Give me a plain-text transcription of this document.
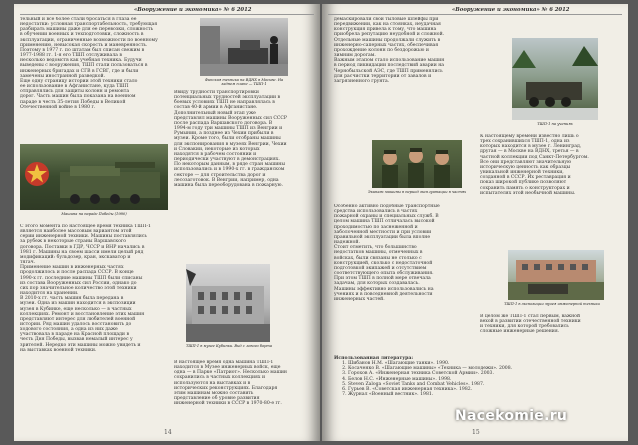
«Вооружение и экономика» № 6 2012
тельный и все более стали бросаться в глаза ее
недостатки: условная транспортабельность, требующая
разбирать машины даже для ее перевозки, сложность
в обучении военных и техподготовки, сложность в
эксплуатации, ограниченные возможности по военному
применению, невысокая скорость и маневренность.
Поэтому в 1977 г. по штатам был списан свежим в
1977-1988 гг. 1-я его ТШП отслуживала в
несколько ведомств как учебная техника. Будучи
выведены с вооружения, ТШП стали пользоваться в
инженерных бригадах и СГВ в ГСВГ, где и были
замечены иностранной разведкой.
Еще одну страницу истории этой техники стало
ее использование в Афганистане, куда ТШП
отправлялись для защиты колонн и ремонта
дорог. Часть машин была показана на военном
параде в честь 35-летия Победы в Великой
Отечественной войне в 1980 г.
Машина на параде Победы (1980)
С этого момента по настоящее время техника ТШП-1
является наиболее массовым вариантом этой
серии инженерной техники. Машины поставлялись
за рубеж в некоторые страны Варшавского
договора. Поставки в ГДР, ЧССР и ВНР начались в
1981 г. Машины на своем шасси имели целый ряд
модификаций: бульдозер, кран, экскаватор и
тягач.
Применение машин в инженерных частях
продолжилось и после распада СССР. В конце
1990-х гг. последние машины ТШП были списаны
из состава Вооруженных сил России, однако до
сих пор значительное количество этой техники
находится на хранении.
В 2010-х гг. часть машин была передана в
музеи. Одна из машин находится в экспозиции
музея в Кубинке, еще несколько — в частных
коллекциях. Ремонт и восстановление этих машин
представляют интерес для любителей военной
истории. Ряд машин удалось восстановить до
ходового состояния, а одна из них даже
участвовала в параде на Красной площади в
честь Дня Победы, вызвав немалый интерес у
зрителей. Нередко эти машины можно увидеть и
на выставках военной техники.
Финская техника на ВДНХ в Москве. На заднем плане — ТШП-1
Ввиду трудности транспортировки
потенциальных трудностей эксплуатации в
боевых условиях ТШП не направлялась в
состав 40-й армии в Афганистане.
Дополнительный новый этап уже
представлял машины Вооруженных сил СССР
после распада Варшавского договора. В
1994-м году три машины ТШП из Венгрии и
Румынии, а позднее из Чехии прибыли в
музеи. Кроме того, были отобраны машины
для экспонирования в музеях Венгрии, Чехии
и Словакии, некоторые из которых
находятся в рабочем состоянии и
периодически участвуют в демонстрациях.
По некоторым данным, в ряде стран машины
использовались и в 1990-х гг. в гражданском
секторе — для строительства дорог и
лесозаготовок. В Венгрии, например, одна
машина была переоборудована в пожарную.
ТШП-1 в музее Кубинки. Вид с левого борта
В настоящее время одна машина ТШП-1
находится в Музее инженерных войск, еще
одна — в Парке «Патриот». Несколько машин
сохранились в частных коллекциях и
используются на выставках и в
исторических реконструкциях. Благодаря
этим машинам можно составить
представление об уровне развития
инженерной техники в СССР в 1970-80-е гг.
14
«Вооружение и экономика» № 6 2012
демаскировали свои тыловые шлейфы при
передвижении, как на стоянках, неудачная
конструкция привела к тому, что машина
приобрела репутацию неудобной и сложной.
Отдельные машины продолжали служить в
инженерно-саперных частях, обеспечивая
прохождение колонн по бездорожью и
зимним дорогам.
Важным этапом стало использование машин
в период ликвидации последствий аварии на
Чернобыльской АЭС, где ТШП применялись
для расчистки территории от завалов и
загрязненного грунта.
Экипаж машины в период эксплуатации в частях
Особенно активно подобные транспортные
средства использовались в частях
пожарной охраны и специальных служб. В
целом машина ТШП отличалась высокой
проходимостью по заснеженной и
заболоченной местности и при условии
правильной эксплуатации была вполне
надежной.
Стоит отметить, что большинство
недостатков машины, отмеченных в
войсках, были связаны не столько с
конструкцией, сколько с недостаточной
подготовкой экипажей и отсутствием
соответствующего опыта обслуживания.
При этом ТШП в полной мере отвечала
задачам, для которых создавалась.
Машины эффективно использовались на
учениях и в повседневной деятельности
инженерных частей.
ТШП-1 на учениях
К настоящему времени известно лишь о
трех сохранившихся ТШП-1, одна из
которых находится в музее г. Ленинград,
другая — в Москве на ВДНХ, третья — в
частной коллекции под Санкт-Петербургом.
Все они представляют значительную
историческую ценность как образцы
уникальной инженерной техники,
созданной в СССР. Их реставрация и
показ широкой публике позволяют
сохранить память о конструкторах и
испытателях этой необычной машины.
ТШП-1 в экспозиции музея инженерной техники
В целом же ТШП-1 стал первым, важной
вехой в развитии отечественной техники
и техники, для которой требовались
сложные инженерные решения.
Использованная литература:
1. Шибанов Н.М. «Шагающие танки». 1990.
2. Косаченко В. «Шагающие машины» «Техника — молодежи». 2008.
3. Горохов А. «Инженерная техника Советской Армии». 2003.
4. Белов Н.С. «Инженерные машины». 1998.
5. Steven Zaloga «Soviet Tanks and Combat Vehicles». 1987.
6. Гурьев В. «Советская инженерная техника». 1982.
7. Журнал «Военный вестник». 1981.
15
Nacekomie.ru
